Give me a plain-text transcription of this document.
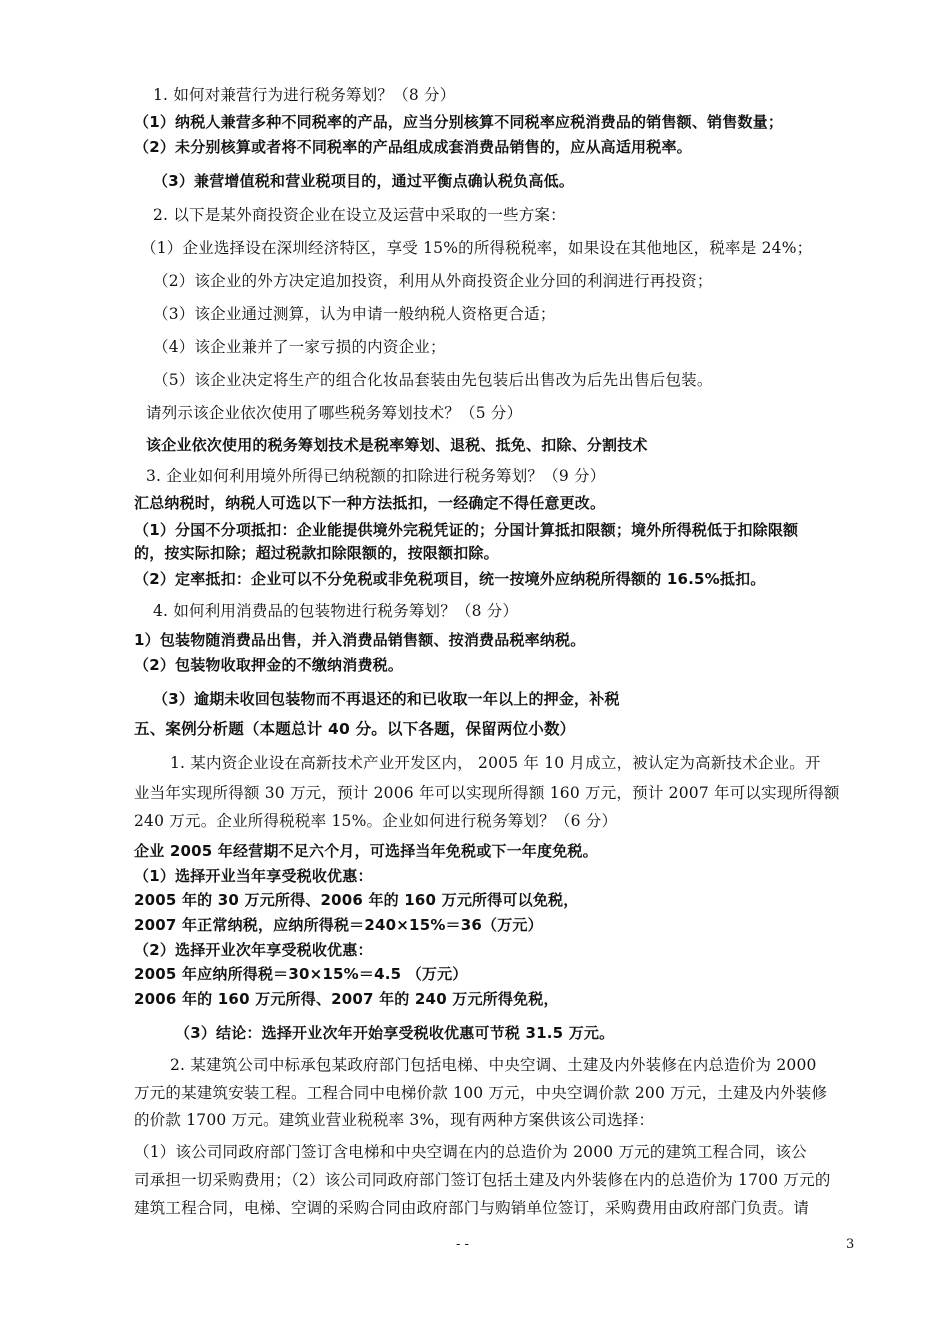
1. 如何对兼营行为进行税务筹划？（8 分）
（1）纳税人兼营多种不同税率的产品，应当分别核算不同税率应税消费品的销售额、销售数量；
（2）未分别核算或者将不同税率的产品组成成套消费品销售的，应从高适用税率。
（3）兼营增值税和营业税项目的，通过平衡点确认税负高低。
2. 以下是某外商投资企业在设立及运营中采取的一些方案：
（1）企业选择设在深圳经济特区，享受 15%的所得税税率，如果设在其他地区，税率是 24%；
（2）该企业的外方决定追加投资，利用从外商投资企业分回的利润进行再投资；
（3）该企业通过测算，认为申请一般纳税人资格更合适；
（4）该企业兼并了一家亏损的内资企业；
（5）该企业决定将生产的组合化妆品套装由先包装后出售改为后先出售后包装。
请列示该企业依次使用了哪些税务筹划技术？（5 分）
该企业依次使用的税务筹划技术是税率筹划、退税、抵免、扣除、分割技术
3. 企业如何利用境外所得已纳税额的扣除进行税务筹划？（9 分）
汇总纳税时，纳税人可选以下一种方法抵扣，一经确定不得任意更改。
（1）分国不分项抵扣：企业能提供境外完税凭证的；分国计算抵扣限额；境外所得税低于扣除限额
的，按实际扣除；超过税款扣除限额的，按限额扣除。
（2）定率抵扣：企业可以不分免税或非免税项目，统一按境外应纳税所得额的 16.5%抵扣。
4. 如何利用消费品的包装物进行税务筹划？（8 分）
1）包装物随消费品出售，并入消费品销售额、按消费品税率纳税。
（2）包装物收取押金的不缴纳消费税。
（3）逾期未收回包装物而不再退还的和已收取一年以上的押金，补税
五、案例分析题（本题总计 40 分。以下各题，保留两位小数）
1. 某内资企业设在高新技术产业开发区内， 2005 年 10 月成立，被认定为高新技术企业。开
业当年实现所得额 30 万元，预计 2006 年可以实现所得额 160 万元，预计 2007 年可以实现所得额
240 万元。企业所得税税率 15%。企业如何进行税务筹划？（6 分）
企业 2005 年经营期不足六个月，可选择当年免税或下一年度免税。
（1）选择开业当年享受税收优惠：
2005 年的 30 万元所得、2006 年的 160 万元所得可以免税，
2007 年正常纳税，应纳所得税＝240×15%＝36（万元）
（2）选择开业次年享受税收优惠：
2005 年应纳所得税＝30×15%＝4.5 （万元）
2006 年的 160 万元所得、2007 年的 240 万元所得免税，
（3）结论：选择开业次年开始享受税收优惠可节税 31.5 万元。
2. 某建筑公司中标承包某政府部门包括电梯、中央空调、土建及内外装修在内总造价为 2000
万元的某建筑安装工程。工程合同中电梯价款 100 万元，中央空调价款 200 万元，土建及内外装修
的价款 1700 万元。建筑业营业税税率 3%，现有两种方案供该公司选择：
（1）该公司同政府部门签订含电梯和中央空调在内的总造价为 2000 万元的建筑工程合同，该公
司承担一切采购费用；（2）该公司同政府部门签订包括土建及内外装修在内的总造价为 1700 万元的
建筑工程合同，电梯、空调的采购合同由政府部门与购销单位签订，采购费用由政府部门负责。请
- -	3
